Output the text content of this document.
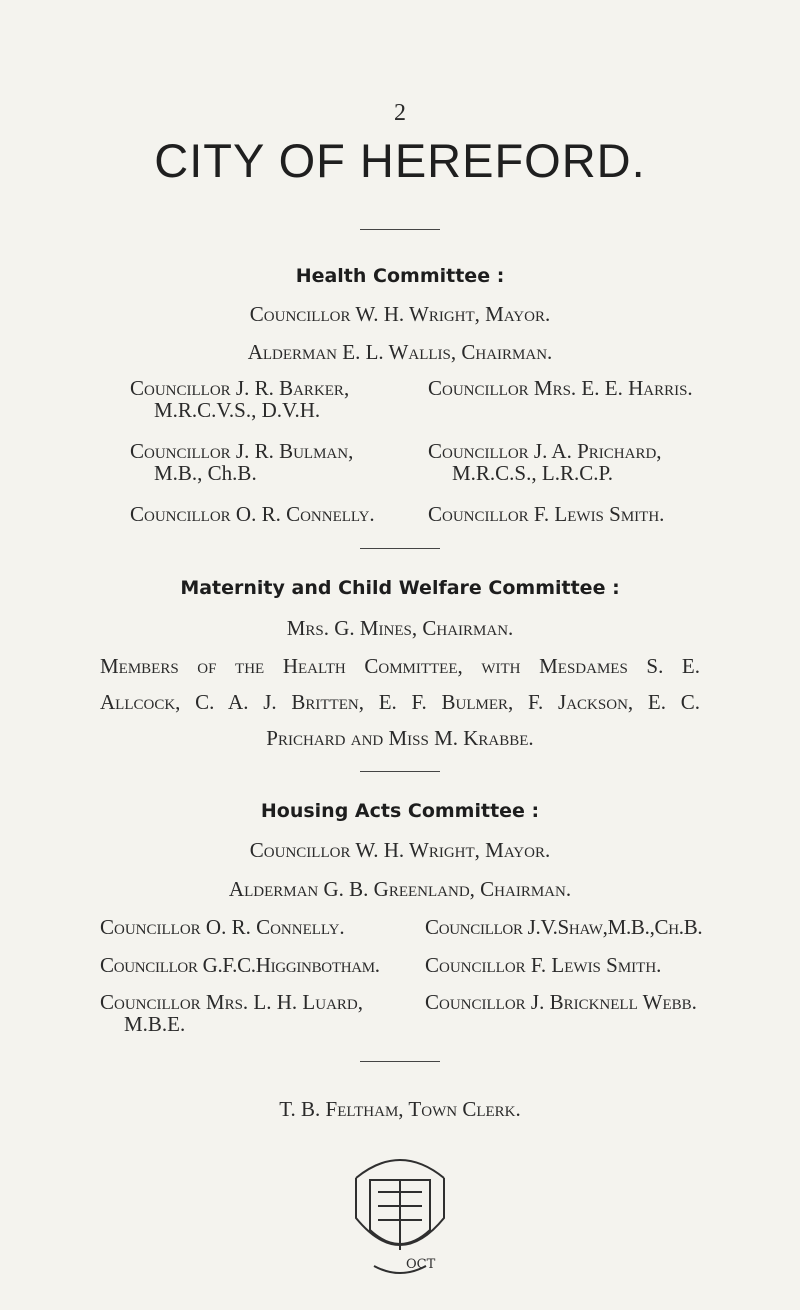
2
CITY OF HEREFORD.
Health Committee :
Councillor W. H. Wright, Mayor.
Alderman E. L. Wallis, Chairman.
Councillor J. R. Barker,
M.R.C.V.S., D.V.H.
Councillor J. R. Bulman,
M.B., Ch.B.
Councillor O. R. Connelly.
Councillor Mrs. E. E. Harris.
Councillor J. A. Prichard,
M.R.C.S., L.R.C.P.
Councillor F. Lewis Smith.
Maternity and Child Welfare Committee :
Mrs. G. Mines, Chairman.
Members of the Health Committee, with Mesdames S. E.
Allcock, C. A. J. Britten, E. F. Bulmer, F. Jackson, E. C.
Prichard and Miss M. Krabbe.
Housing Acts Committee :
Councillor W. H. Wright, Mayor.
Alderman G. B. Greenland, Chairman.
Councillor O. R. Connelly.	Councillor J.V.Shaw,M.B.,Ch.B.
Councillor G.F.C.Higginbotham. Councillor F. Lewis Smith.
Councillor Mrs. L. H. Luard,
M.B.E.
Councillor J. Bricknell Webb.
T. B. Feltham, Town Clerk.
OCT
